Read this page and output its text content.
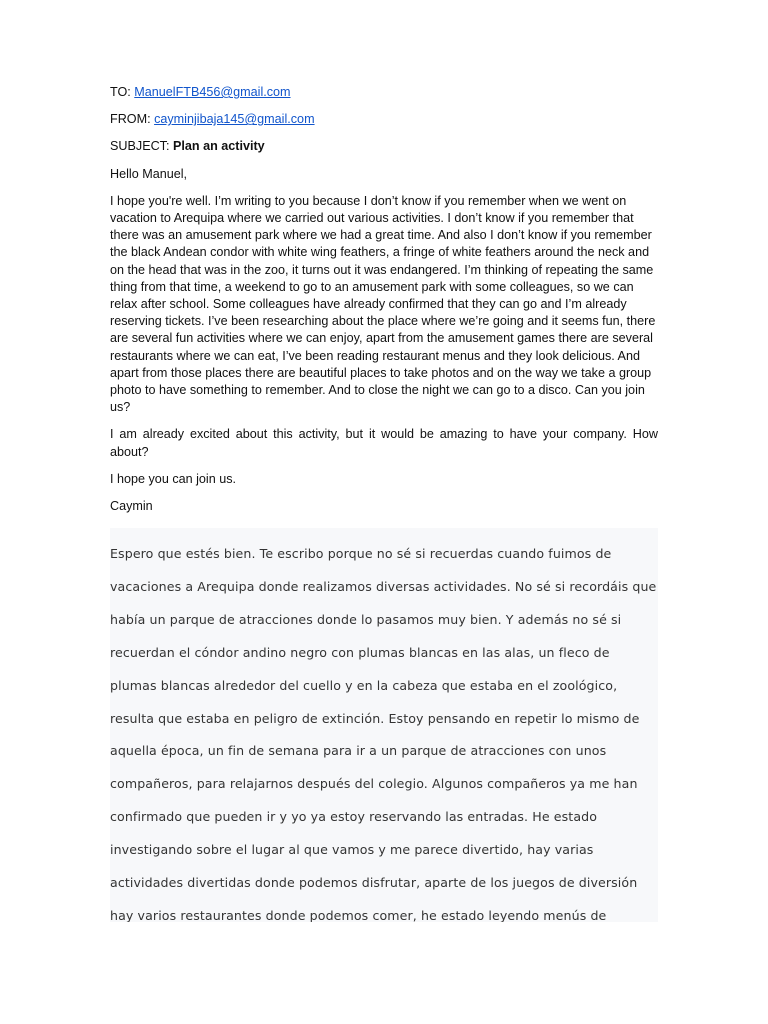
TO: ManuelFTB456@gmail.com
FROM: cayminjibaja145@gmail.com
SUBJECT: Plan an activity
Hello Manuel,

I hope you're well. I’m writing to you because I don’t know if you remember when we went on vacation to Arequipa where we carried out various activities. I don’t know if you remember that there was an amusement park where we had a great time. And also I don’t know if you remember the black Andean condor with white wing feathers, a fringe of white feathers around the neck and on the head that was in the zoo, it turns out it was endangered. I’m thinking of repeating the same thing from that time, a weekend to go to an amusement park with some colleagues, so we can relax after school. Some colleagues have already confirmed that they can go and I’m already reserving tickets. I’ve been researching about the place where we’re going and it seems fun, there are several fun activities where we can enjoy, apart from the amusement games there are several restaurants where we can eat, I’ve been reading restaurant menus and they look delicious. And apart from those places there are beautiful places to take photos and on the way we take a group photo to have something to remember. And to close the night we can go to a disco. Can you join us?

I am already excited about this activity, but it would be amazing to have your company. How about?

I hope you can join us.
Caymin

Espero que estés bien. Te escribo porque no sé si recuerdas cuando fuimos de vacaciones a Arequipa donde realizamos diversas actividades. No sé si recordáis que había un parque de atracciones donde lo pasamos muy bien. Y además no sé si recuerdan el cóndor andino negro con plumas blancas en las alas, un fleco de plumas blancas alrededor del cuello y en la cabeza que estaba en el zoológico, resulta que estaba en peligro de extinción. Estoy pensando en repetir lo mismo de aquella época, un fin de semana para ir a un parque de atracciones con unos compañeros, para relajarnos después del colegio. Algunos compañeros ya me han confirmado que pueden ir y yo ya estoy reservando las entradas. He estado investigando sobre el lugar al que vamos y me parece divertido, hay varias actividades divertidas donde podemos disfrutar, aparte de los juegos de diversión hay varios restaurantes donde podemos comer, he estado leyendo menús de
